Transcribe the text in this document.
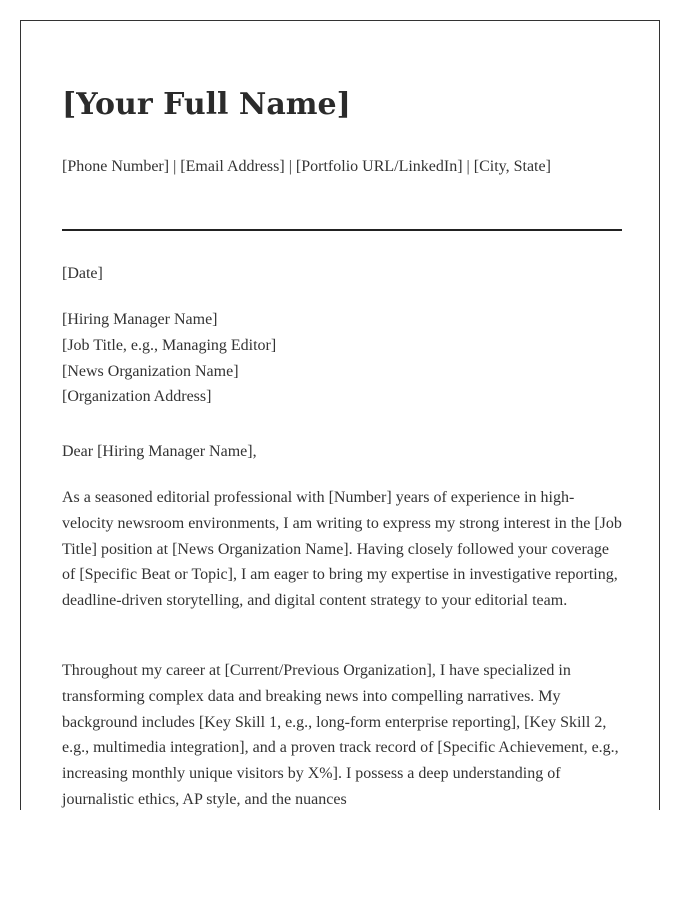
[Your Full Name]
[Phone Number] | [Email Address] | [Portfolio URL/LinkedIn] | [City, State]
[Date]
[Hiring Manager Name]
[Job Title, e.g., Managing Editor]
[News Organization Name]
[Organization Address]
Dear [Hiring Manager Name],

As a seasoned editorial professional with [Number] years of experience in high-velocity newsroom environments, I am writing to express my strong interest in the [Job Title] position at [News Organization Name]. Having closely followed your coverage of [Specific Beat or Topic], I am eager to bring my expertise in investigative reporting, deadline-driven storytelling, and digital content strategy to your editorial team.

Throughout my career at [Current/Previous Organization], I have specialized in transforming complex data and breaking news into compelling narratives. My background includes [Key Skill 1, e.g., long-form enterprise reporting], [Key Skill 2, e.g., multimedia integration], and a proven track record of [Specific Achievement, e.g., increasing monthly unique visitors by X%]. I possess a deep understanding of journalistic ethics, AP style, and the nuances
